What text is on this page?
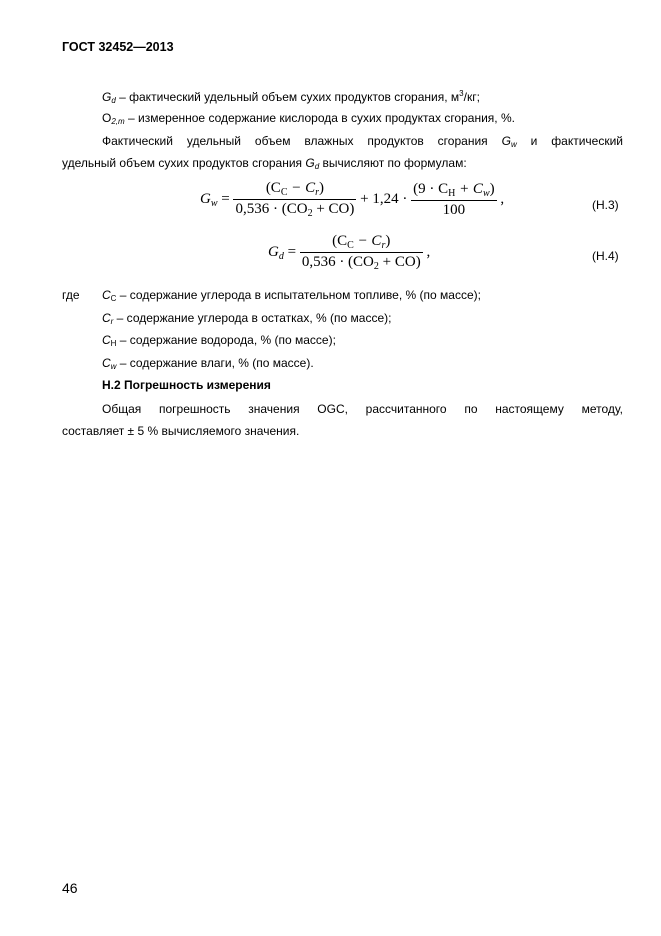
ГОСТ 32452—2013
$G_d$ – фактический удельный объем сухих продуктов сгорания, $м^3/кг$;
$O_{2,m}$ – измеренное содержание кислорода в сухих продуктах сгорания, %.
Фактический удельный объем влажных продуктов сгорания $G_w$ и фактический
удельный объем сухих продуктов сгорания $G_d$ вычисляют по формулам:
$G_w = \frac{(C_C - C_r)}{0,536 \cdot (CO_2 + CO)} + 1,24 \cdot \frac{(9 \cdot C_H + C_w)}{100}$ ,	(Н.3)
$G_d = \frac{(C_C - C_r)}{0,536 \cdot (CO_2 + CO)}$ ,	(Н.4)
где $C_C$ – содержание углерода в испытательном топливе, % (по массе);
$C_r$ – содержание углерода в остатках, % (по массе);
$C_H$ – содержание водорода, % (по массе);
$C_w$ – содержание влаги, % (по массе).
Н.2 Погрешность измерения
Общая погрешность значения OGC, рассчитанного по настоящему методу,
составляет ± 5 % вычисляемого значения.
46
